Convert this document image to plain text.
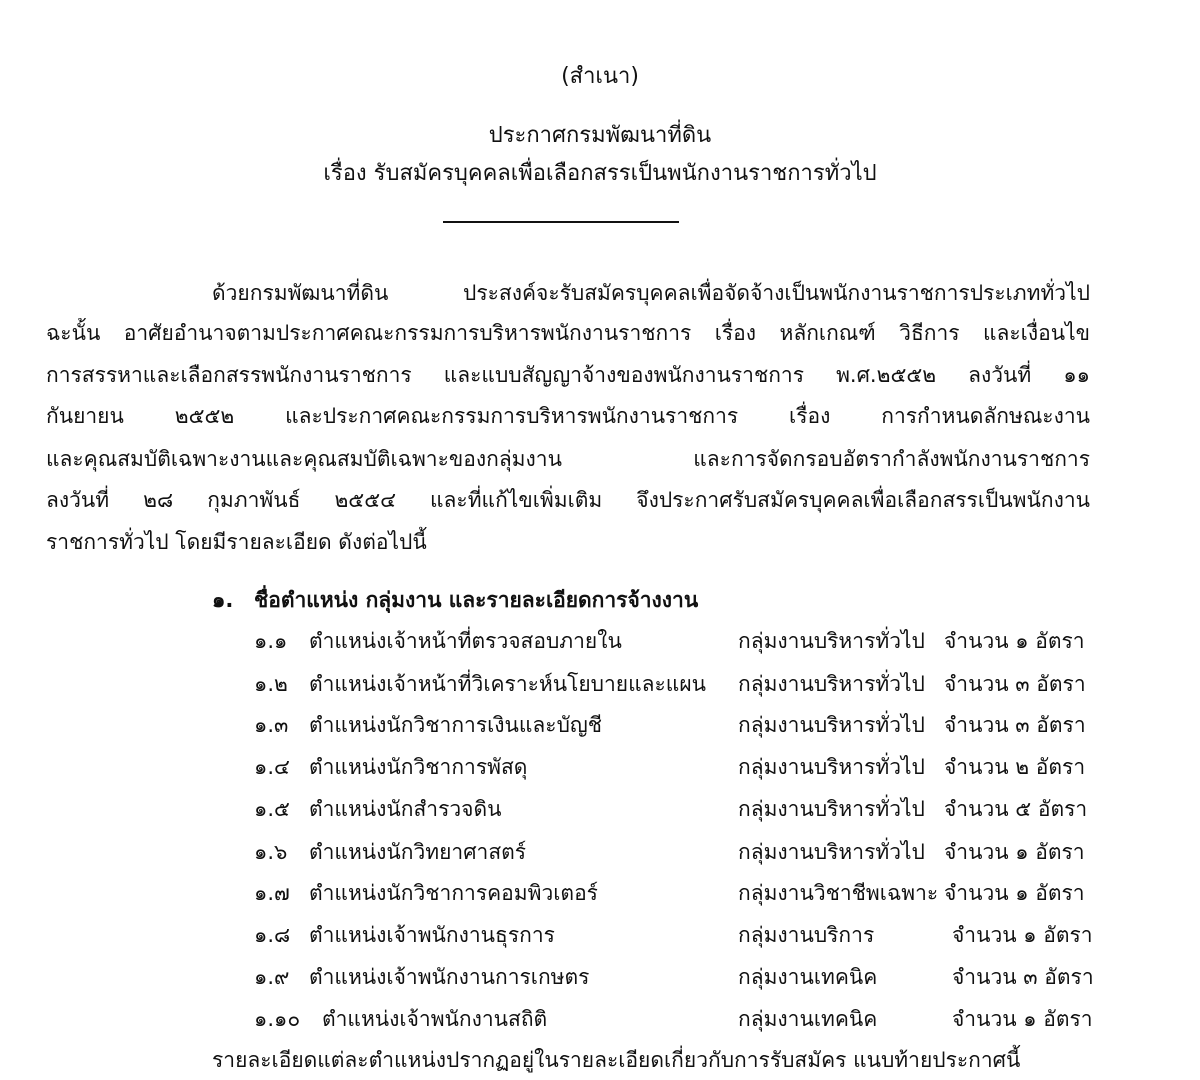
(สำเนา)
ประกาศกรมพัฒนาที่ดิน
เรื่อง รับสมัครบุคคลเพื่อเลือกสรรเป็นพนักงานราชการทั่วไป
ด้วยกรมพัฒนาที่ดิน ประสงค์จะรับสมัครบุคคลเพื่อจัดจ้างเป็นพนักงานราชการประเภททั่วไป
ฉะนั้น อาศัยอำนาจตามประกาศคณะกรรมการบริหารพนักงานราชการ เรื่อง หลักเกณฑ์ วิธีการ และเงื่อนไข
การสรรหาและเลือกสรรพนักงานราชการ และแบบสัญญาจ้างของพนักงานราชการ พ.ศ.๒๕๕๒ ลงวันที่ ๑๑
กันยายน ๒๕๕๒ และประกาศคณะกรรมการบริหารพนักงานราชการ เรื่อง การกำหนดลักษณะงาน
และคุณสมบัติเฉพาะงานและคุณสมบัติเฉพาะของกลุ่มงาน และการจัดกรอบอัตรากำลังพนักงานราชการ
ลงวันที่ ๒๘ กุมภาพันธ์ ๒๕๕๔ และที่แก้ไขเพิ่มเติม จึงประกาศรับสมัครบุคคลเพื่อเลือกสรรเป็นพนักงาน
ราชการทั่วไป โดยมีรายละเอียด ดังต่อไปนี้
๑. ชื่อตำแหน่ง กลุ่มงาน และรายละเอียดการจ้างงาน
๑.๑ ตำแหน่งเจ้าหน้าที่ตรวจสอบภายใน	กลุ่มงานบริหารทั่วไป จำนวน ๑ อัตรา
๑.๒ ตำแหน่งเจ้าหน้าที่วิเคราะห์นโยบายและแผน กลุ่มงานบริหารทั่วไป จำนวน ๓ อัตรา
๑.๓ ตำแหน่งนักวิชาการเงินและบัญชี	กลุ่มงานบริหารทั่วไป จำนวน ๓ อัตรา
๑.๔ ตำแหน่งนักวิชาการพัสดุ	กลุ่มงานบริหารทั่วไป จำนวน ๒ อัตรา
๑.๕ ตำแหน่งนักสำรวจดิน	กลุ่มงานบริหารทั่วไป จำนวน ๕ อัตรา
๑.๖ ตำแหน่งนักวิทยาศาสตร์	กลุ่มงานบริหารทั่วไป จำนวน ๑ อัตรา
๑.๗ ตำแหน่งนักวิชาการคอมพิวเตอร์	กลุ่มงานวิชาชีพเฉพาะ จำนวน ๑ อัตรา
๑.๘ ตำแหน่งเจ้าพนักงานธุรการ	กลุ่มงานบริการ	จำนวน ๑ อัตรา
๑.๙ ตำแหน่งเจ้าพนักงานการเกษตร	กลุ่มงานเทคนิค	จำนวน ๓ อัตรา
๑.๑๐ ตำแหน่งเจ้าพนักงานสถิติ	กลุ่มงานเทคนิค	จำนวน ๑ อัตรา
รายละเอียดแต่ละตำแหน่งปรากฏอยู่ในรายละเอียดเกี่ยวกับการรับสมัคร แนบท้ายประกาศนี้
